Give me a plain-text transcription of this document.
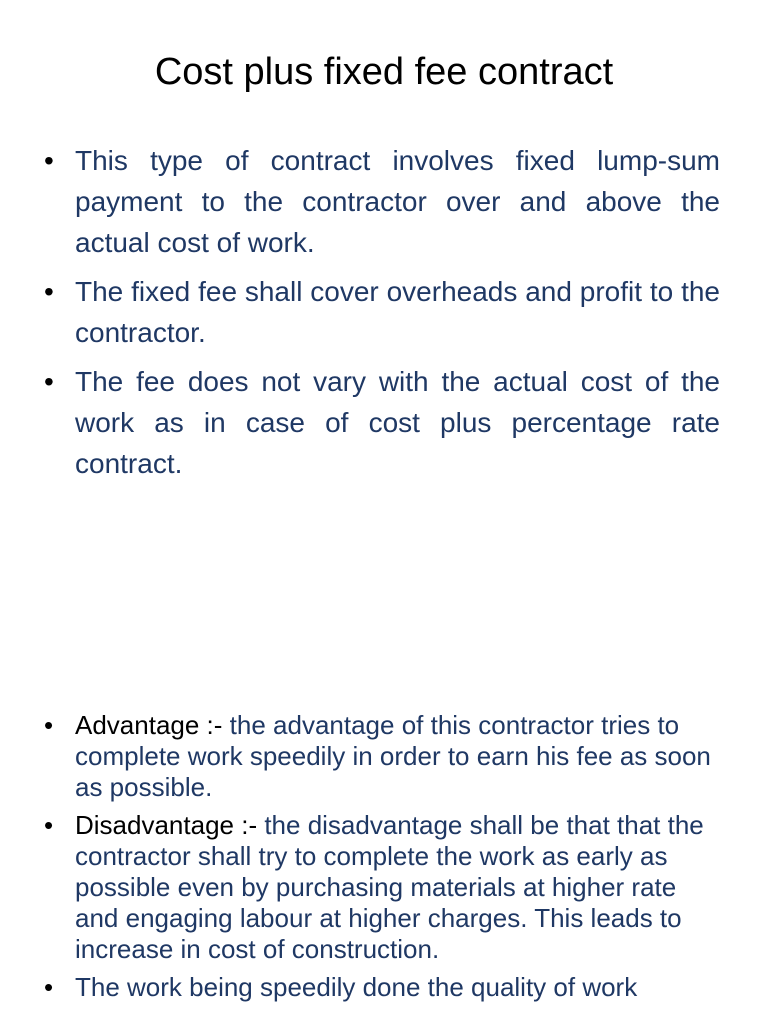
Cost plus fixed fee contract
• This type of contract involves fixed lump-sum payment to the contractor over and above the actual cost of work.
• The fixed fee shall cover overheads and profit to the contractor.
• The fee does not vary with the actual cost of the work as in case of cost plus percentage rate contract.
• Advantage :- the advantage of this contractor tries to complete work speedily in order to earn his fee as soon as possible.
• Disadvantage :- the disadvantage shall be that that the contractor shall try to complete the work as early as possible even by purchasing materials at higher rate and engaging labour at higher charges. This leads to increase in cost of construction.
• The work being speedily done the quality of work
